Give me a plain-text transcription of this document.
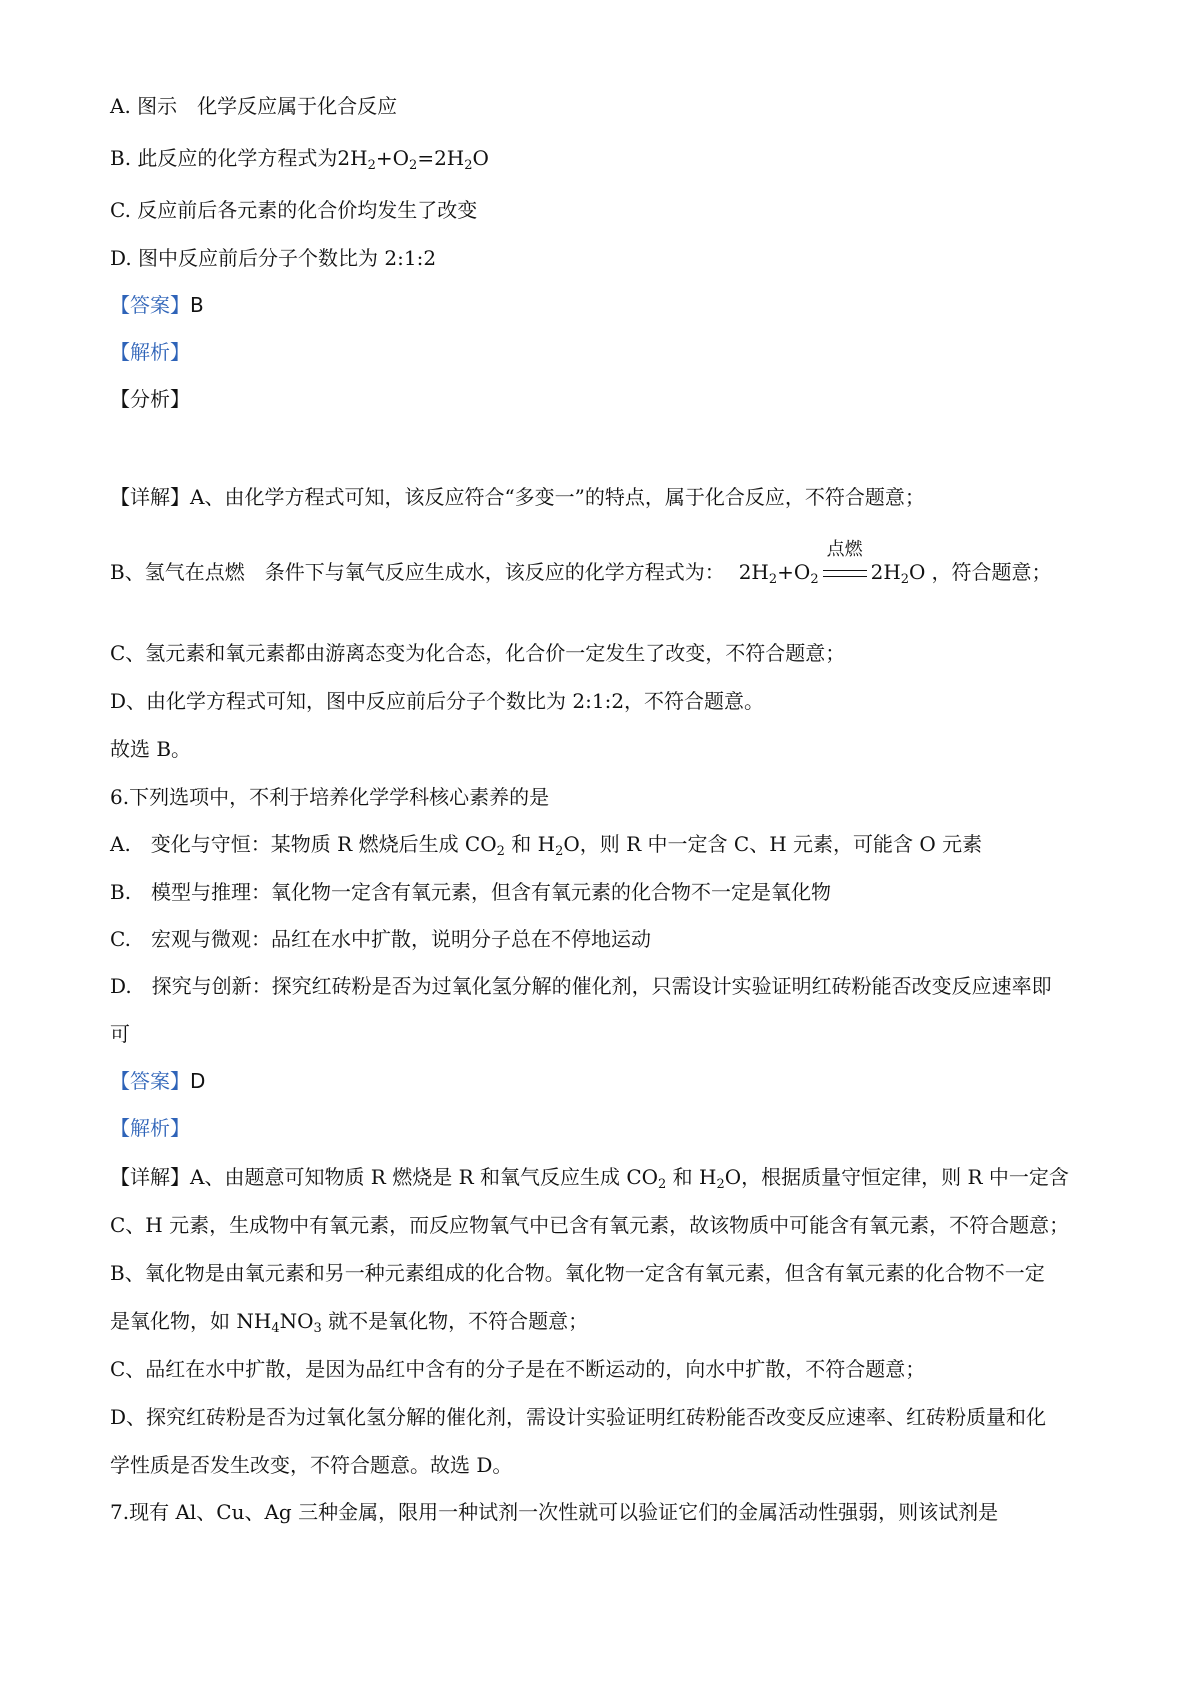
A. 图示　化学反应属于化合反应
B. 此反应的化学方程式为$2H_2+O_2=2H_2O$
C. 反应前后各元素的化合价均发生了改变
D. 图中反应前后分子个数比为 2:1:2
【答案】B
【解析】
【分析】
【详解】A、由化学方程式可知，该反应符合“多变一”的特点，属于化合反应，不符合题意；
B、氢气在点燃　条件下与氧气反应生成水，该反应的化学方程式为： $2H_2+O_2$
点燃
$2H_2O$ ，符合题意；
C、氢元素和氧元素都由游离态变为化合态，化合价一定发生了改变，不符合题意；
D、由化学方程式可知，图中反应前后分子个数比为 2:1:2，不符合题意。
故选 B。
6.下列选项中，不利于培养化学学科核心素养的是
A.　变化与守恒：某物质 R 燃烧后生成 $CO_2$ 和 $H_2O$，则 R 中一定含 C、H 元素，可能含 O 元素
B.　模型与推理：氧化物一定含有氧元素，但含有氧元素的化合物不一定是氧化物
C.　宏观与微观：品红在水中扩散，说明分子总在不停地运动
D.　探究与创新：探究红砖粉是否为过氧化氢分解的催化剂，只需设计实验证明红砖粉能否改变反应速率即
可
【答案】D
【解析】
【详解】A、由题意可知物质 R 燃烧是 R 和氧气反应生成 $CO_2$ 和 $H_2O$，根据质量守恒定律，则 R 中一定含
C、H 元素，生成物中有氧元素，而反应物氧气中已含有氧元素，故该物质中可能含有氧元素，不符合题意；
B、氧化物是由氧元素和另一种元素组成的化合物。氧化物一定含有氧元素，但含有氧元素的化合物不一定
是氧化物，如 $NH_4NO_3$ 就不是氧化物，不符合题意；
C、品红在水中扩散，是因为品红中含有的分子是在不断运动的，向水中扩散，不符合题意；
D、探究红砖粉是否为过氧化氢分解的催化剂，需设计实验证明红砖粉能否改变反应速率、红砖粉质量和化
学性质是否发生改变，不符合题意。故选 D。
7.现有 Al、Cu、Ag 三种金属，限用一种试剂一次性就可以验证它们的金属活动性强弱，则该试剂是
